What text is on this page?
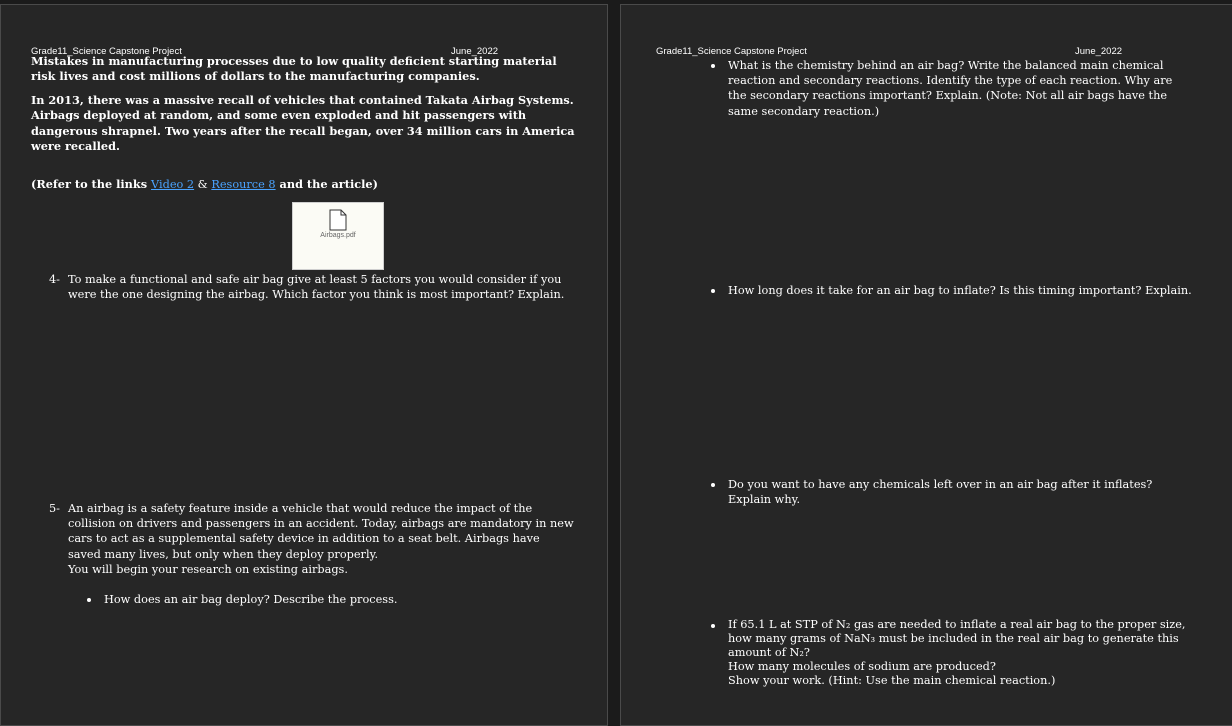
Grade11_Science Capstone Project	June_2022
Mistakes in manufacturing processes due to low quality deficient starting material risk lives and cost millions of dollars to the manufacturing companies.
In 2013, there was a massive recall of vehicles that contained Takata Airbag Systems. Airbags deployed at random, and some even exploded and hit passengers with dangerous shrapnel. Two years after the recall began, over 34 million cars in America were recalled.
(Refer to the links Video 2 & Resource 8 and the article)
Airbags.pdf
4- To make a functional and safe air bag give at least 5 factors you would consider if you were the one designing the airbag. Which factor you think is most important? Explain.
5- An airbag is a safety feature inside a vehicle that would reduce the impact of the collision on drivers and passengers in an accident. Today, airbags are mandatory in new cars to act as a supplemental safety device in addition to a seat belt. Airbags have saved many lives, but only when they deploy properly.
You will begin your research on existing airbags.
How does an air bag deploy? Describe the process.
Grade11_Science Capstone Project	June_2022
What is the chemistry behind an air bag? Write the balanced main chemical reaction and secondary reactions. Identify the type of each reaction. Why are the secondary reactions important? Explain. (Note: Not all air bags have the same secondary reaction.)
How long does it take for an air bag to inflate? Is this timing important? Explain.
Do you want to have any chemicals left over in an air bag after it inflates? Explain why.
If 65.1 L at STP of N₂ gas are needed to inflate a real air bag to the proper size, how many grams of NaN₃ must be included in the real air bag to generate this amount of N₂?
How many molecules of sodium are produced?
Show your work. (Hint: Use the main chemical reaction.)
